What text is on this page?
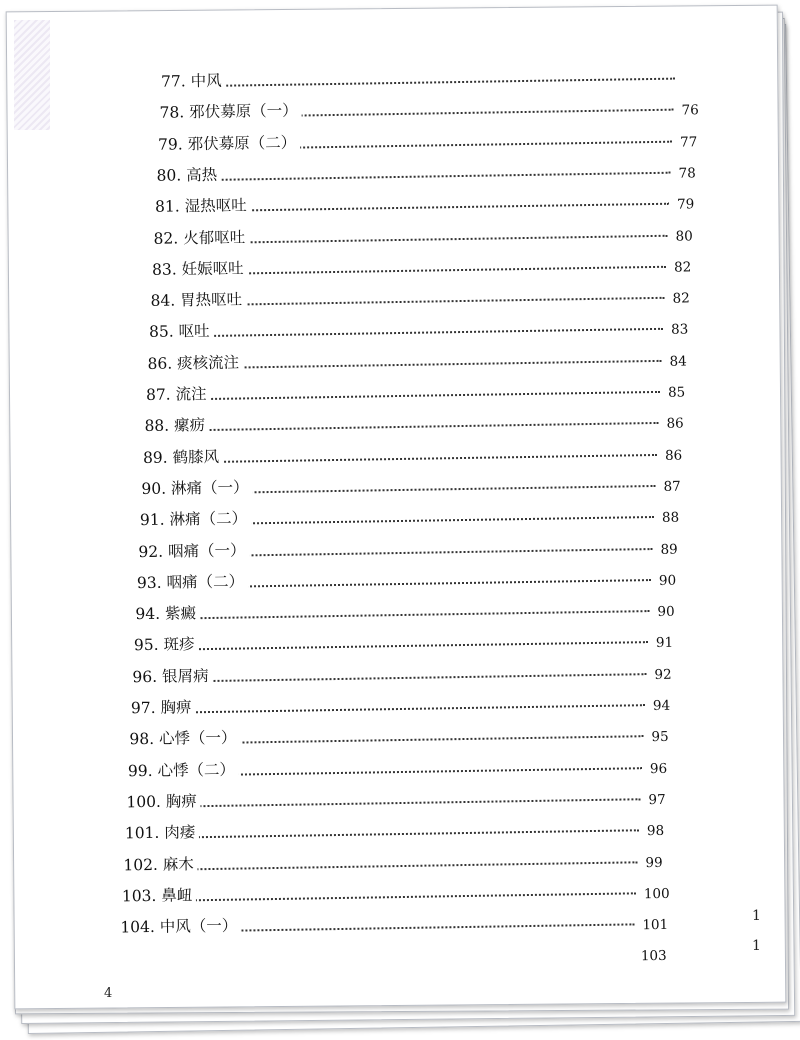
77. 中风
78. 邪伏募原（一）	76
79. 邪伏募原（二）	77
80. 高热	78
81. 湿热呕吐	79
82. 火郁呕吐	80
83. 妊娠呕吐	82
84. 胃热呕吐	82
85. 呕吐	83
86. 痰核流注	84
87. 流注	85
88. 瘰疬	86
89. 鹤膝风	86
90. 淋痛（一）	87
91. 淋痛（二）	88
92. 咽痛（一）	89
93. 咽痛（二）	90
94. 紫癜	90
95. 斑疹	91
96. 银屑病	92
97. 胸痹	94
98. 心悸（一）	95
99. 心悸（二）	96
100. 胸痹	97
101. 肉痿	98
102. 麻木	99
103. 鼻衄	100
104. 中风（一）	101
103
1
1
4
